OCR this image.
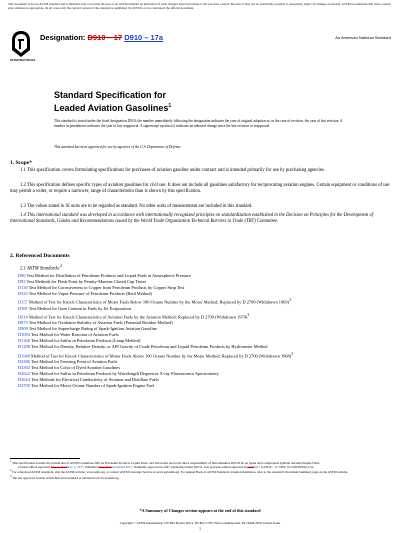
This document is not an ASTM standard and is intended only to provide the user of an ASTM standard an indication of what changes have been made to the previous version. Because it may not be technically possible to adequately depict all changes accurately, ASTM recommends that users consult prior editions as appropriate. In all cases only the current version of the standard as published by ASTM is to be considered the official document.
INTERNATIONAL
Designation: D910 – 17 D910 – 17a	An American National Standard
Standard Specification for
Leaded Aviation Gasolines$^1$
This standard is issued under the fixed designation D910; the number immediately following the designation indicates the year of original adoption or, in the case of revision, the year of last revision. A number in parentheses indicates the year of last reapproval. A superscript epsilon (ε) indicates an editorial change since the last revision or reapproval.
This standard has been approved for use by agencies of the U.S. Department of Defense.
1. Scope*
1.1 This specification covers formulating specifications for purchases of aviation gasoline under contract and is intended primarily for use by purchasing agencies.
1.2 This specification defines specific types of aviation gasolines for civil use. It does not include all gasolines satisfactory for reciprocating aviation engines. Certain equipment or conditions of use may permit a wider, or require a narrower, range of characteristics than is shown by this specification.
1.3 The values stated in SI units are to be regarded as standard. No other units of measurement are included in this standard.
1.4 This international standard was developed in accordance with internationally recognized principles on standardization established in the Decision on Principles for the Development of International Standards, Guides and Recommendations issued by the World Trade Organization Technical Barriers to Trade (TBT) Committee.
2. Referenced Documents
2.1 ASTM Standards:$^2$
D86 Test Method for Distillation of Petroleum Products and Liquid Fuels at Atmospheric Pressure
D93 Test Methods for Flash Point by Pensky-Martens Closed Cup Tester
D130 Test Method for Corrosiveness to Copper from Petroleum Products by Copper Strip Test
D323 Test Method for Vapor Pressure of Petroleum Products (Reid Method)
D357 Method of Test for Knock Characteristics of Motor Fuels Below 100 Octane Number by the Motor Method; Replaced by D 2700 (Withdrawn 1969)$^3$
D381 Test Method for Gum Content in Fuels by Jet Evaporation
D614 Method of Test for Knock Characteristics of Aviation Fuels by the Aviation Method; Replaced by D 2700 (Withdrawn 1970)$^3$
D873 Test Method for Oxidation Stability of Aviation Fuels (Potential Residue Method)
D909 Test Method for Supercharge Rating of Spark-Ignition Aviation Gasoline
D1094 Test Method for Water Reaction of Aviation Fuels
D1266 Test Method for Sulfur in Petroleum Products (Lamp Method)
D1298 Test Method for Density, Relative Density, or API Gravity of Crude Petroleum and Liquid Petroleum Products by Hydrometer Method
D1948 Method of Test for Knock Characteristics of Motor Fuels Above 100 Octane Number by the Motor Method; Replaced by D 2700 (Withdrawn 1968)$^3$
D2386 Test Method for Freezing Point of Aviation Fuels
D2392 Test Method for Color of Dyed Aviation Gasolines
D2622 Test Method for Sulfur in Petroleum Products by Wavelength Dispersive X-ray Fluorescence Spectrometry
D2624 Test Methods for Electrical Conductivity of Aviation and Distillate Fuels
D2700 Test Method for Motor Octane Number of Spark-Ignition Engine Fuel
$^1$ This specification is under the jurisdiction of ASTM Committee D02 on Petroleum Products, Liquid Fuels, and Lubricants and is the direct responsibility of Subcommittee D02.J0.02 on Spark and Compression Ignition Aviation Engine Fuels.
Current edition approved May 1, 2017Nov. 1, 2017. Published May 2017November 2017. Originally approved in 1947 (replacing former D615). Last previous edition approved in 20162017 as D910 – 17. DOI: 10.1520/D0910-17A.
$^2$ For referenced ASTM standards, visit the ASTM website, www.astm.org, or contact ASTM Customer Service at service@astm.org. For Annual Book of ASTM Standards volume information, refer to the standard's Document Summary page on the ASTM website.
$^3$ The last approved version of this historical standard is referenced on www.astm.org.
*A Summary of Changes section appears at the end of this standard
Copyright © ASTM International, 100 Barr Harbor Drive, PO Box C700, West Conshohocken, PA 19428-2959. United States
1
